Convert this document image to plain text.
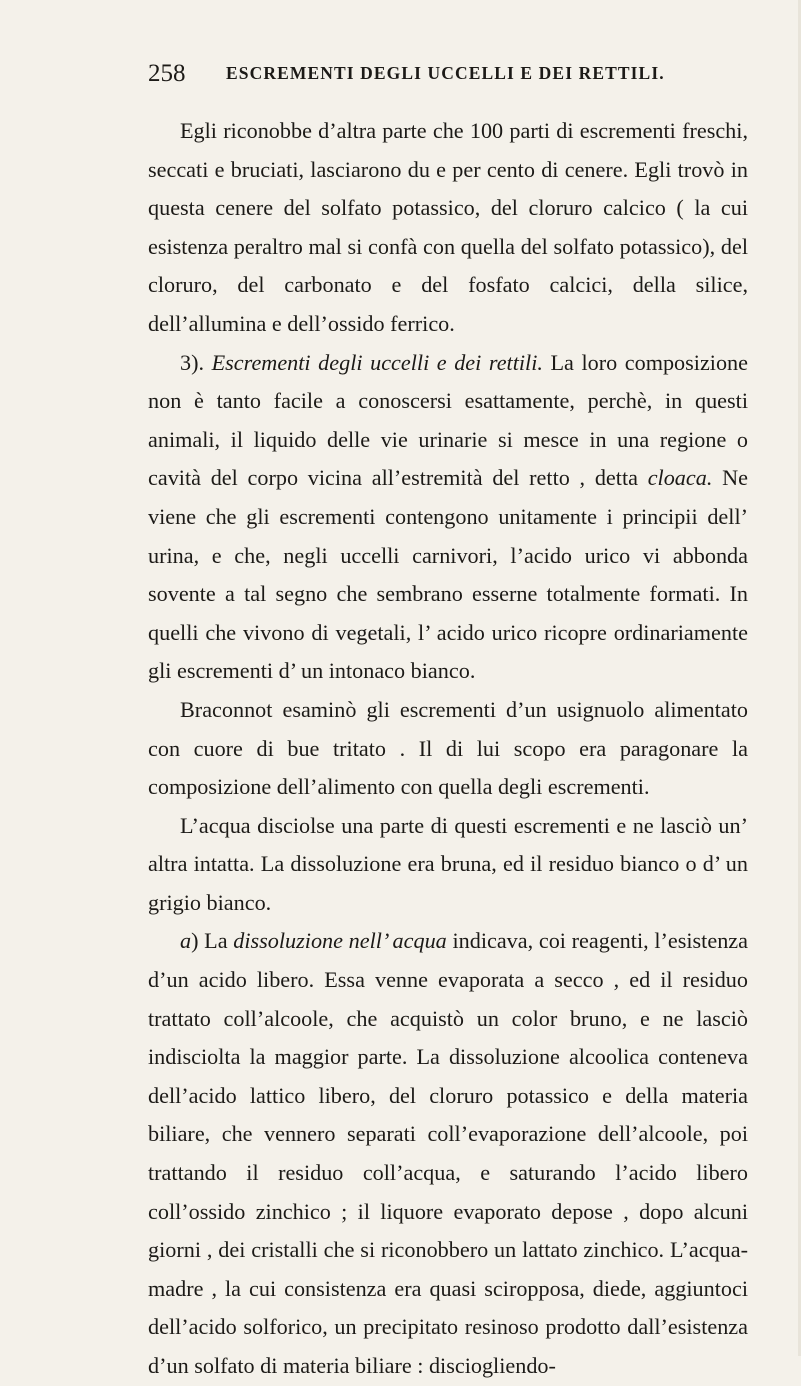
258 ESCREMENTI DEGLI UCCELLI E DEI RETTILI.

Egli riconobbe d’altra parte che 100 parti di escrementi freschi, seccati e bruciati, lasciarono du e per cento di cenere. Egli trovò in questa cenere del solfato potassico, del cloruro calcico ( la cui esistenza peraltro mal si confà con quella del solfato potassico), del cloruro, del carbonato e del fosfato calcici, della silice, dell’allumina e dell’ossido ferrico.

3). Escrementi degli uccelli e dei rettili. La loro composizione non è tanto facile a conoscersi esattamente, perchè, in questi animali, il liquido delle vie urinarie si mesce in una regione o cavità del corpo vicina all’estremità del retto , detta cloaca. Ne viene che gli escrementi contengono unitamente i principii dell’ urina, e che, negli uccelli carnivori, l’acido urico vi abbonda sovente a tal segno che sembrano esserne totalmente formati. In quelli che vivono di vegetali, l’ acido urico ricopre ordinariamente gli escrementi d’ un intonaco bianco.

Braconnot esaminò gli escrementi d’un usignuolo alimentato con cuore di bue tritato . Il di lui scopo era paragonare la composizione dell’alimento con quella degli escrementi.

L’acqua disciolse una parte di questi escrementi e ne lasciò un’ altra intatta. La dissoluzione era bruna, ed il residuo bianco o d’ un grigio bianco.

a) La dissoluzione nell’ acqua indicava, coi reagenti, l’esistenza d’un acido libero. Essa venne evaporata a secco , ed il residuo trattato coll’alcoole, che acquistò un color bruno, e ne lasciò indisciolta la maggior parte. La dissoluzione alcoolica conteneva dell’acido lattico libero, del cloruro potassico e della materia biliare, che vennero separati coll’evaporazione dell’alcoole, poi trattando il residuo coll’acqua, e saturando l’acido libero coll’ossido zinchico ; il liquore evaporato depose , dopo alcuni giorni , dei cristalli che si riconobbero un lattato zinchico. L’acqua-madre , la cui consistenza era quasi sciropposa, diede, aggiuntoci dell’acido solforico, un precipitato resinoso prodotto dall’esistenza d’un solfato di materia biliare : disciogliendo-
